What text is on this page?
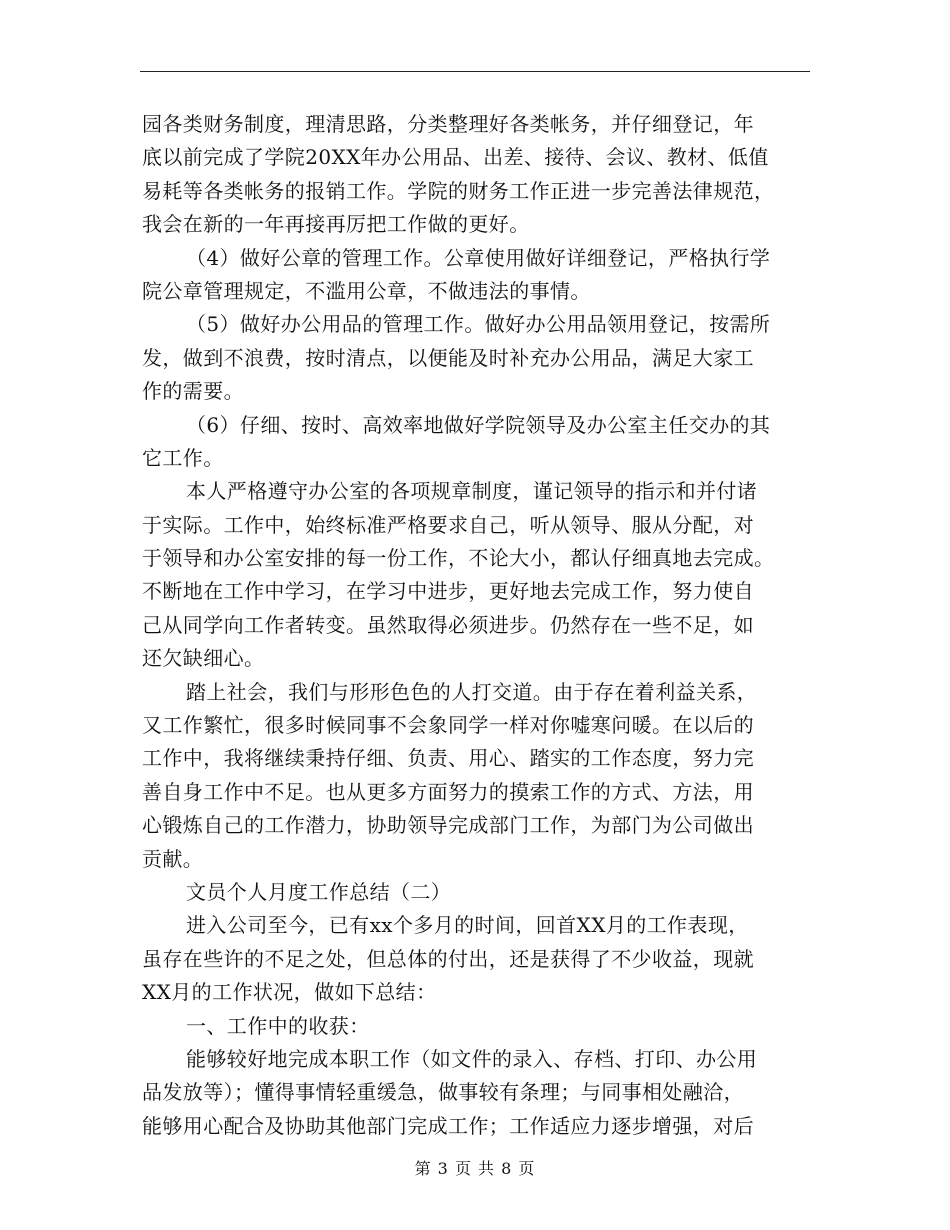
园各类财务制度，理清思路，分类整理好各类帐务，并仔细登记，年
底以前完成了学院20XX年办公用品、出差、接待、会议、教材、低值
易耗等各类帐务的报销工作。学院的财务工作正进一步完善法律规范，
我会在新的一年再接再厉把工作做的更好。
（4）做好公章的管理工作。公章使用做好详细登记，严格执行学
院公章管理规定，不滥用公章，不做违法的事情。
（5）做好办公用品的管理工作。做好办公用品领用登记，按需所
发，做到不浪费，按时清点，以便能及时补充办公用品，满足大家工
作的需要。
（6）仔细、按时、高效率地做好学院领导及办公室主任交办的其
它工作。
本人严格遵守办公室的各项规章制度，谨记领导的指示和并付诸
于实际。工作中，始终标准严格要求自己，听从领导、服从分配，对
于领导和办公室安排的每一份工作，不论大小，都认仔细真地去完成。
不断地在工作中学习，在学习中进步，更好地去完成工作，努力使自
己从同学向工作者转变。虽然取得必须进步。仍然存在一些不足，如
还欠缺细心。
踏上社会，我们与形形色色的人打交道。由于存在着利益关系，
又工作繁忙，很多时候同事不会象同学一样对你嘘寒问暖。在以后的
工作中，我将继续秉持仔细、负责、用心、踏实的工作态度，努力完
善自身工作中不足。也从更多方面努力的摸索工作的方式、方法，用
心锻炼自己的工作潜力，协助领导完成部门工作，为部门为公司做出
贡献。
文员个人月度工作总结（二）
进入公司至今，已有xx个多月的时间，回首XX月的工作表现，
虽存在些许的不足之处，但总体的付出，还是获得了不少收益，现就
XX月的工作状况，做如下总结：
一、工作中的收获：
能够较好地完成本职工作（如文件的录入、存档、打印、办公用
品发放等）；懂得事情轻重缓急，做事较有条理；与同事相处融洽，
能够用心配合及协助其他部门完成工作；工作适应力逐步增强，对后
第 3 页 共 8 页
